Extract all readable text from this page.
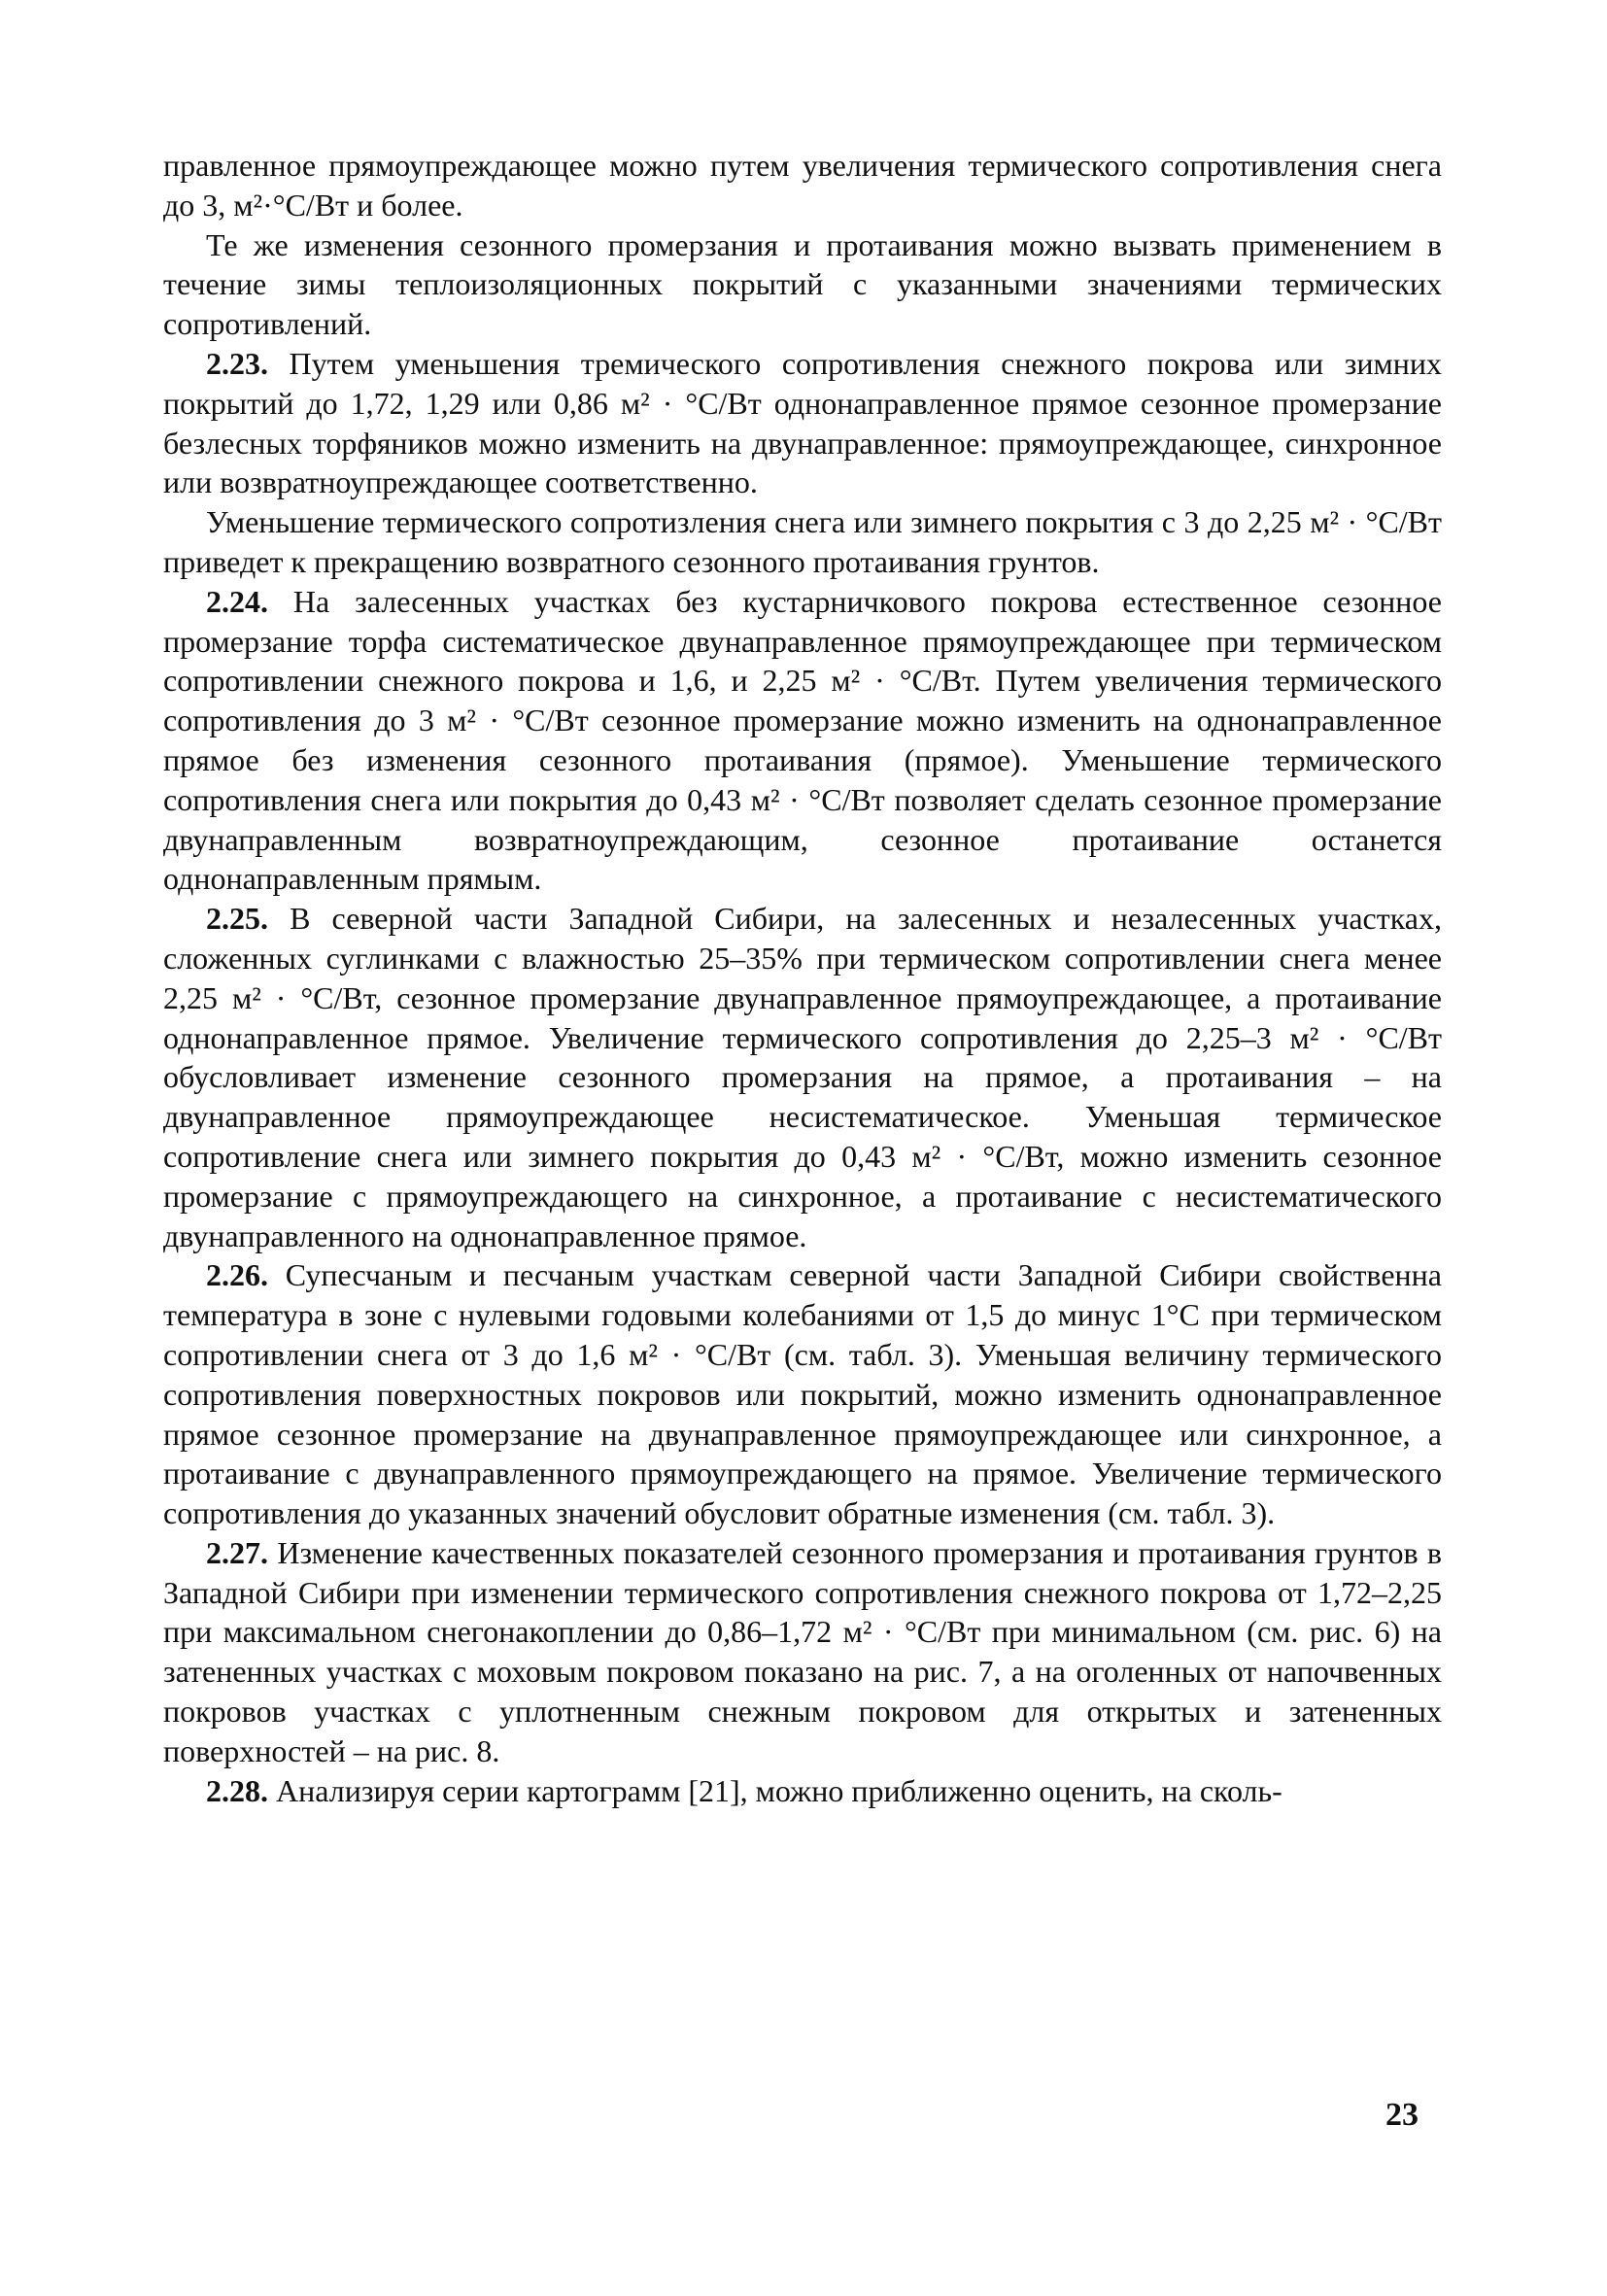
правленное прямоупреждающее можно путем увеличения термического сопротивления снега до 3, м²·°С/Вт и более.

Те же изменения сезонного промерзания и протаивания можно вызвать применением в течение зимы теплоизоляционных покрытий с указанными значениями термических сопротивлений.

2.23. Путем уменьшения тремического сопротивления снежного покрова или зимних покрытий до 1,72, 1,29 или 0,86 м² · °С/Вт однонаправленное прямое сезонное промерзание безлесных торфяников можно изменить на двунаправленное: прямоупреждающее, синхронное или возвратноупреждающее соответственно.

Уменьшение термического сопротизления снега или зимнего покрытия с 3 до 2,25 м² · °С/Вт приведет к прекращению возвратного сезонного протаивания грунтов.

2.24. На залесенных участках без кустарничкового покрова естественное сезонное промерзание торфа систематическое двунаправленное прямоупреждающее при термическом сопротивлении снежного покрова и 1,6, и 2,25 м² · °С/Вт. Путем увеличения термического сопротивления до 3 м² · °С/Вт сезонное промерзание можно изменить на однонаправленное прямое без изменения сезонного протаивания (прямое). Уменьшение термического сопротивления снега или покрытия до 0,43 м² · °С/Вт позволяет сделать сезонное промерзание двунаправленным возвратноупреждающим, сезонное протаивание останется однонаправленным прямым.

2.25. В северной части Западной Сибири, на залесенных и незалесенных участках, сложенных суглинками с влажностью 25–35% при термическом сопротивлении снега менее 2,25 м² · °С/Вт, сезонное промерзание двунаправленное прямоупреждающее, а протаивание однонаправленное прямое. Увеличение термического сопротивления до 2,25–3 м² · °С/Вт обусловливает изменение сезонного промерзания на прямое, а протаивания – на двунаправленное прямоупреждающее несистематическое. Уменьшая термическое сопротивление снега или зимнего покрытия до 0,43 м² · °С/Вт, можно изменить сезонное промерзание с прямоупреждающего на синхронное, а протаивание с несистематического двунаправленного на однонаправленное прямое.

2.26. Супесчаным и песчаным участкам северной части Западной Сибири свойственна температура в зоне с нулевыми годовыми колебаниями от 1,5 до минус 1°С при термическом сопротивлении снега от 3 до 1,6 м² · °С/Вт (см. табл. 3). Уменьшая величину термического сопротивления поверхностных покровов или покрытий, можно изменить однонаправленное прямое сезонное промерзание на двунаправленное прямоупреждающее или синхронное, а протаивание с двунаправленного прямоупреждающего на прямое. Увеличение термического сопротивления до указанных значений обусловит обратные изменения (см. табл. 3).

2.27. Изменение качественных показателей сезонного промерзания и протаивания грунтов в Западной Сибири при изменении термического сопротивления снежного покрова от 1,72–2,25 при максимальном снегонакоплении до 0,86–1,72 м² · °С/Вт при минимальном (см. рис. 6) на затененных участках с моховым покровом показано на рис. 7, а на оголенных от напочвенных покровов участках с уплотненным снежным покровом для открытых и затененных поверхностей – на рис. 8.

2.28. Анализируя серии картограмм [21], можно приближенно оценить, на сколь-

23
